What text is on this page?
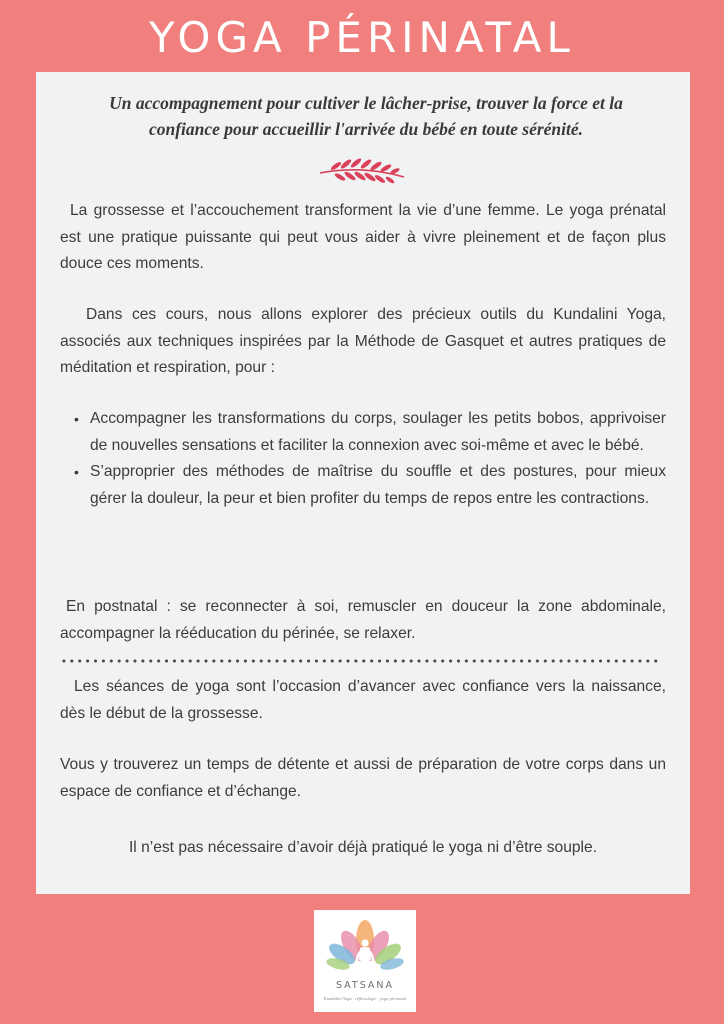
YOGA PÉRINATAL
Un accompagnement pour cultiver le lâcher-prise, trouver la force et la confiance pour accueillir l'arrivée du bébé en toute sérénité.
La grossesse et l’accouchement transforment la vie d’une femme. Le yoga prénatal est une pratique puissante qui peut vous aider à vivre pleinement et de façon plus douce ces moments.
Dans ces cours, nous allons explorer des précieux outils du Kundalini Yoga, associés aux techniques inspirées par la Méthode de Gasquet et autres pratiques de méditation et respiration, pour :
• Accompagner les transformations du corps, soulager les petits bobos, apprivoiser de nouvelles sensations et faciliter la connexion avec soi-même et avec le bébé.
• S’approprier des méthodes de maîtrise du souffle et des postures, pour mieux gérer la douleur, la peur et bien profiter du temps de repos entre les contractions.
En postnatal : se reconnecter à soi, remuscler en douceur la zone abdominale, accompagner la rééducation du périnée, se relaxer.
Les séances de yoga sont l’occasion d’avancer avec confiance vers la naissance, dès le début de la grossesse.
Vous y trouverez un temps de détente et aussi de préparation de votre corps dans un espace de confiance et d’échange.
Il n’est pas nécessaire d’avoir déjà pratiqué le yoga ni d’être souple.
SATSANA
Kundalini Yoga · réflexologie · yoga périnatal
